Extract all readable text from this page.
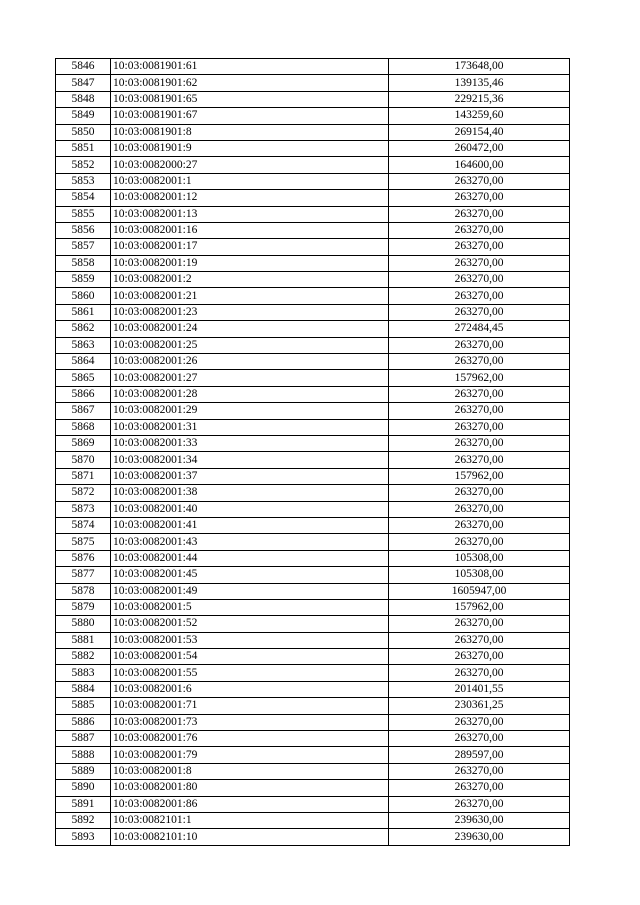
5846	10:03:0081901:61	173648,00
5847	10:03:0081901:62	139135,46
5848	10:03:0081901:65	229215,36
5849	10:03:0081901:67	143259,60
5850	10:03:0081901:8	269154,40
5851	10:03:0081901:9	260472,00
5852	10:03:0082000:27	164600,00
5853	10:03:0082001:1	263270,00
5854	10:03:0082001:12	263270,00
5855	10:03:0082001:13	263270,00
5856	10:03:0082001:16	263270,00
5857	10:03:0082001:17	263270,00
5858	10:03:0082001:19	263270,00
5859	10:03:0082001:2	263270,00
5860	10:03:0082001:21	263270,00
5861	10:03:0082001:23	263270,00
5862	10:03:0082001:24	272484,45
5863	10:03:0082001:25	263270,00
5864	10:03:0082001:26	263270,00
5865	10:03:0082001:27	157962,00
5866	10:03:0082001:28	263270,00
5867	10:03:0082001:29	263270,00
5868	10:03:0082001:31	263270,00
5869	10:03:0082001:33	263270,00
5870	10:03:0082001:34	263270,00
5871	10:03:0082001:37	157962,00
5872	10:03:0082001:38	263270,00
5873	10:03:0082001:40	263270,00
5874	10:03:0082001:41	263270,00
5875	10:03:0082001:43	263270,00
5876	10:03:0082001:44	105308,00
5877	10:03:0082001:45	105308,00
5878	10:03:0082001:49	1605947,00
5879	10:03:0082001:5	157962,00
5880	10:03:0082001:52	263270,00
5881	10:03:0082001:53	263270,00
5882	10:03:0082001:54	263270,00
5883	10:03:0082001:55	263270,00
5884	10:03:0082001:6	201401,55
5885	10:03:0082001:71	230361,25
5886	10:03:0082001:73	263270,00
5887	10:03:0082001:76	263270,00
5888	10:03:0082001:79	289597,00
5889	10:03:0082001:8	263270,00
5890	10:03:0082001:80	263270,00
5891	10:03:0082001:86	263270,00
5892	10:03:0082101:1	239630,00
5893	10:03:0082101:10	239630,00
